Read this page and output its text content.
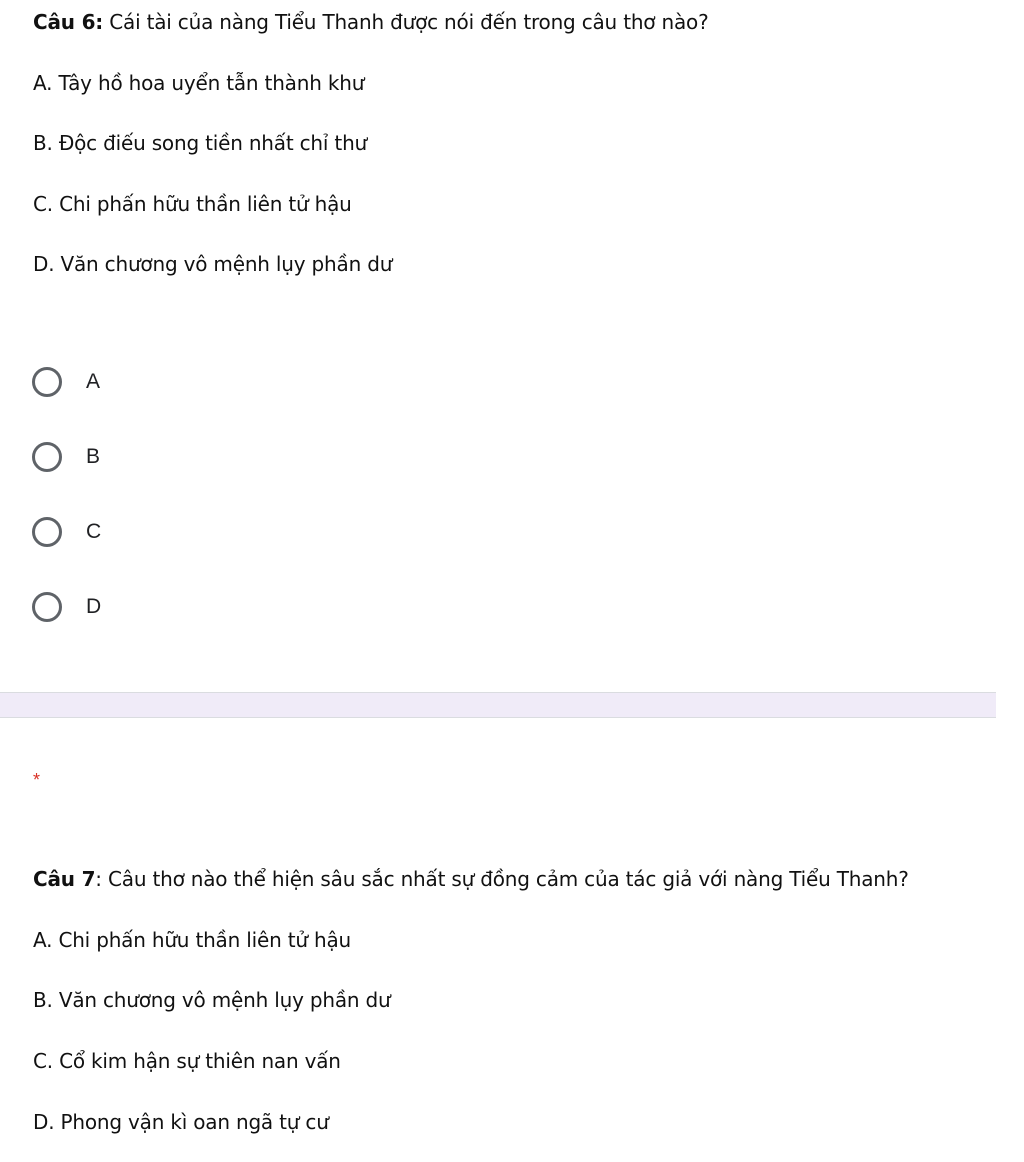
Câu 6: Cái tài của nàng Tiểu Thanh được nói đến trong câu thơ nào?
A. Tây hồ hoa uyển tẫn thành khư
B. Độc điếu song tiền nhất chỉ thư
C. Chi phấn hữu thần liên tử hậu
D. Văn chương vô mệnh lụy phần dư
A
B
C
D
*
Câu 7: Câu thơ nào thể hiện sâu sắc nhất sự đồng cảm của tác giả với nàng Tiểu Thanh?
A. Chi phấn hữu thần liên tử hậu
B. Văn chương vô mệnh lụy phần dư
C. Cổ kim hận sự thiên nan vấn
D. Phong vận kì oan ngã tự cư
